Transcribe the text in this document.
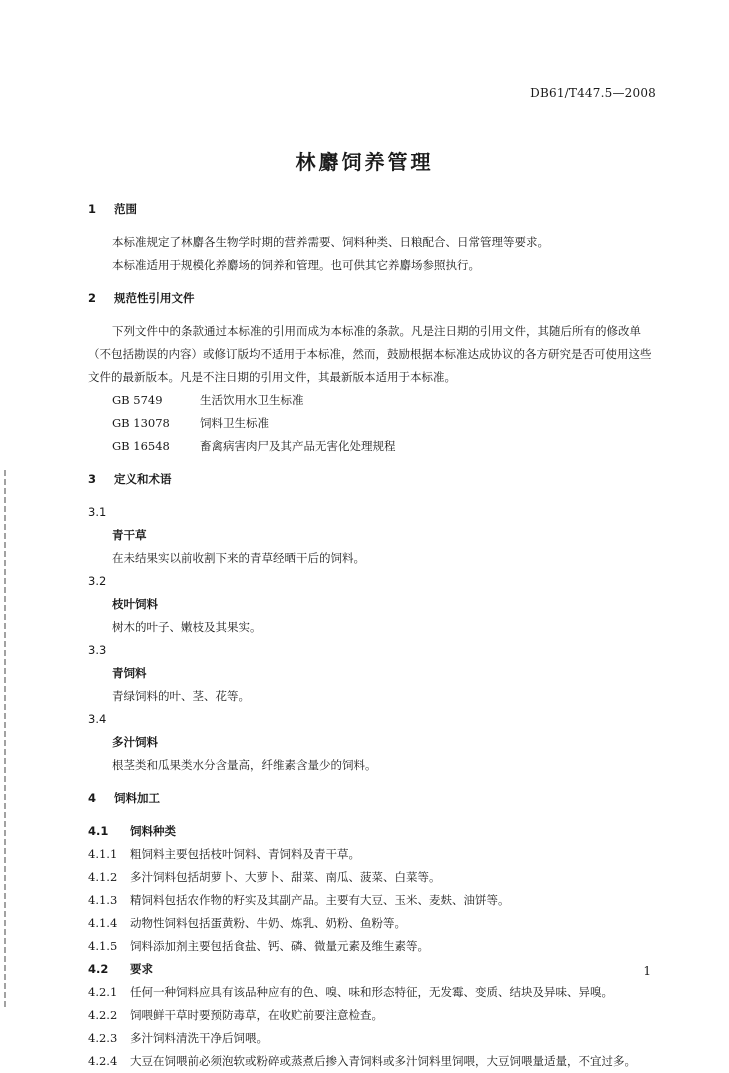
DB61/T447.5—2008
林麝饲养管理
1 范围
本标准规定了林麝各生物学时期的营养需要、饲料种类、日粮配合、日常管理等要求。
本标准适用于规模化养麝场的饲养和管理。也可供其它养麝场参照执行。
2 规范性引用文件
下列文件中的条款通过本标准的引用而成为本标准的条款。凡是注日期的引用文件，其随后所有的修改单（不包括勘误的内容）或修订版均不适用于本标准，然而，鼓励根据本标准达成协议的各方研究是否可使用这些文件的最新版本。凡是不注日期的引用文件，其最新版本适用于本标准。
GB 5749	生活饮用水卫生标准
GB 13078	饲料卫生标准
GB 16548	畜禽病害肉尸及其产品无害化处理规程
3 定义和术语
3.1
青干草
在未结果实以前收割下来的青草经晒干后的饲料。
3.2
枝叶饲料
树木的叶子、嫩枝及其果实。
3.3
青饲料
青绿饲料的叶、茎、花等。
3.4
多汁饲料
根茎类和瓜果类水分含量高，纤维素含量少的饲料。
4 饲料加工
4.1 饲料种类
4.1.1	粗饲料主要包括枝叶饲料、青饲料及青干草。
4.1.2	多汁饲料包括胡萝卜、大萝卜、甜菜、南瓜、菠菜、白菜等。
4.1.3	精饲料包括农作物的籽实及其副产品。主要有大豆、玉米、麦麸、油饼等。
4.1.4	动物性饲料包括蛋黄粉、牛奶、炼乳、奶粉、鱼粉等。
4.1.5	饲料添加剂主要包括食盐、钙、磷、微量元素及维生素等。
4.2 要求
4.2.1	任何一种饲料应具有该品种应有的色、嗅、味和形态特征，无发霉、变质、结块及异味、异嗅。
4.2.2	饲喂鲜干草时要预防毒草，在收贮前要注意检查。
4.2.3	多汁饲料清洗干净后饲喂。
4.2.4	大豆在饲喂前必须泡软或粉碎或蒸煮后掺入青饲料或多汁饲料里饲喂，大豆饲喂量适量，不宜过多。
1
